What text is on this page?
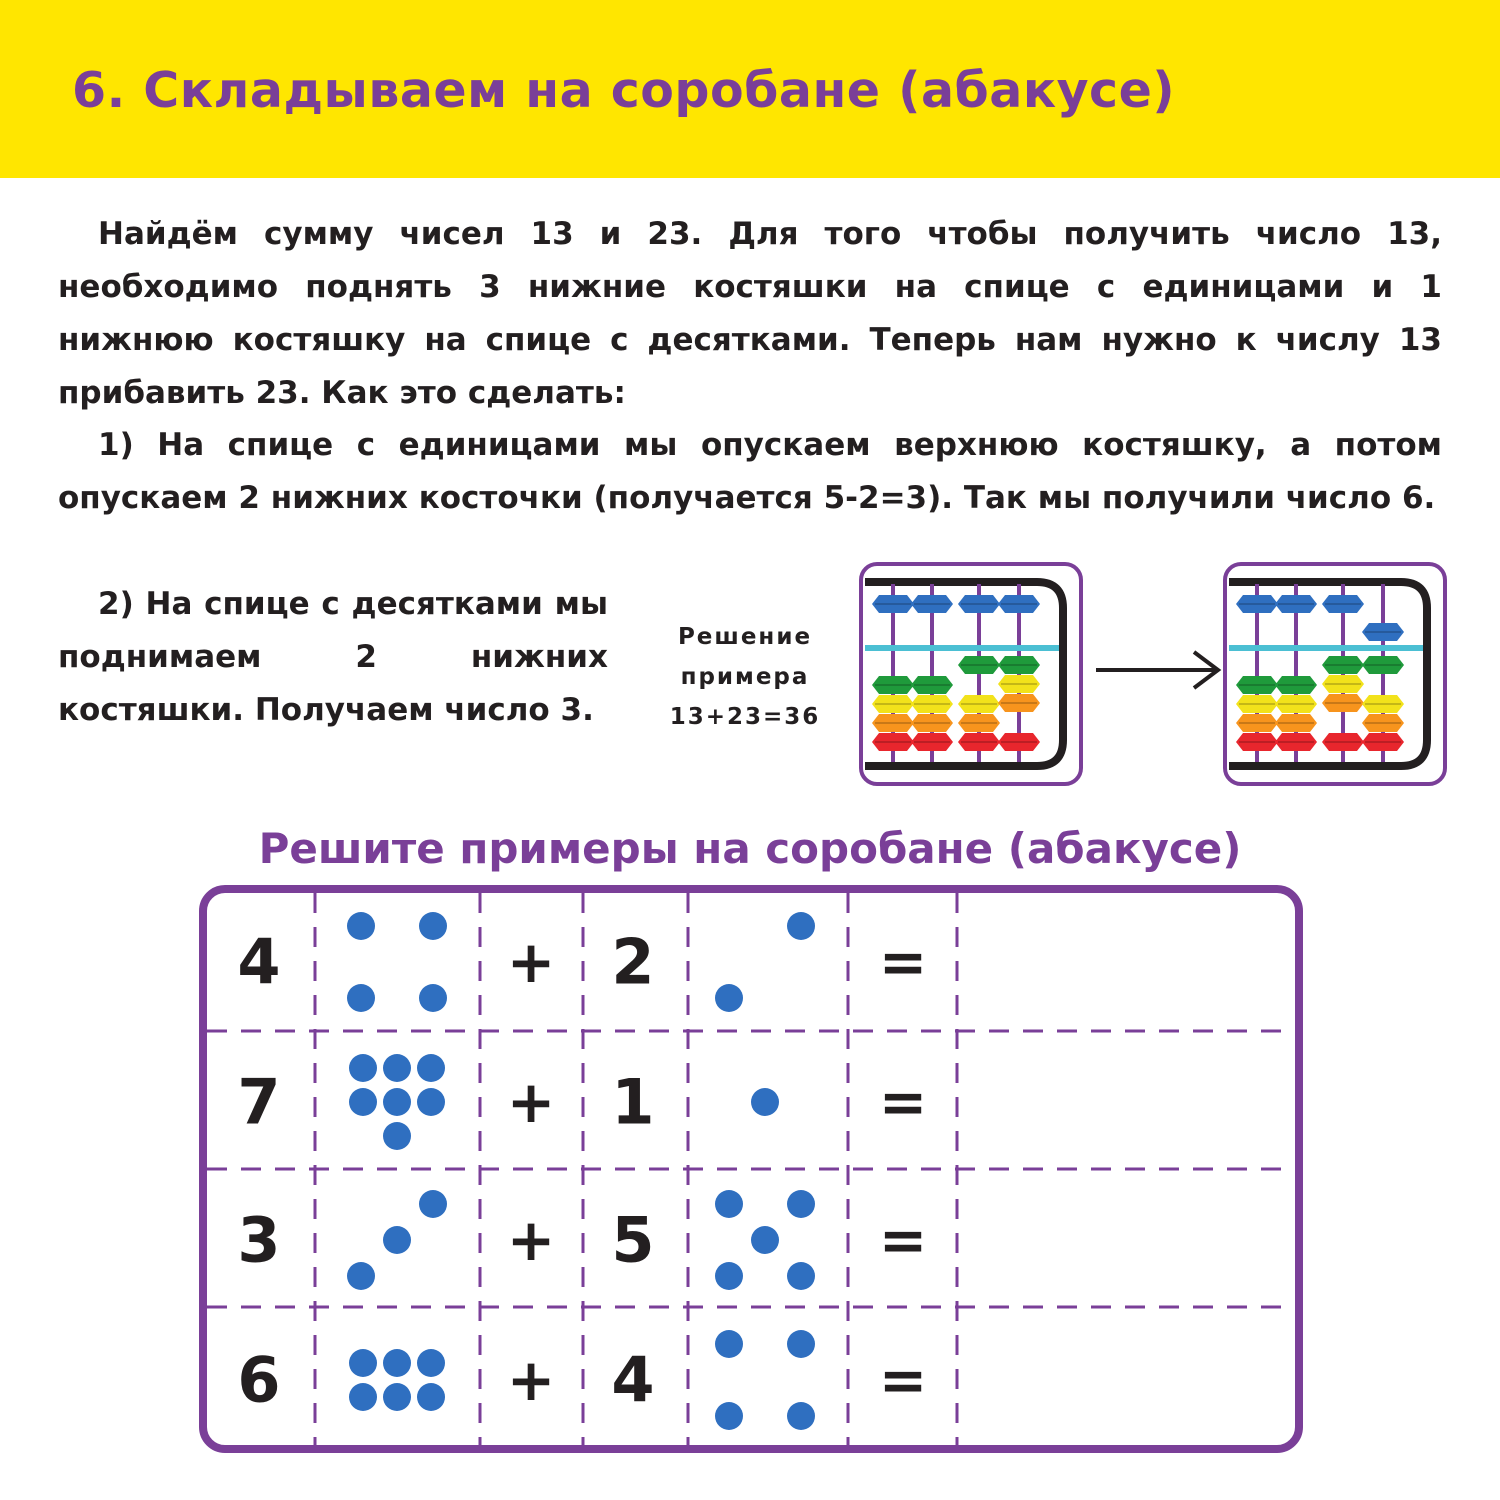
6. Складываем на соробане (абакусе)

Найдём сумму чисел 13 и 23. Для того чтобы получить число 13, необходимо поднять 3 нижние костяшки на спице с единицами и 1 нижнюю костяшку на спице с десятками. Теперь нам нужно к числу 13 прибавить 23. Как это сделать:

1) На спице с единицами мы опускаем верхнюю костяшку, а потом опускаем 2 нижних косточки (получается 5-2=3). Так мы получили число 6.

2) На спице с десятками мы поднимаем 2 нижних костяшки. Получаем число 3.

Решение
примера
13+23=36
Решите примеры на соробане (абакусе)
4	+ 2	=
7	+ 1	=
3	+ 5	=
6	+ 4	=
